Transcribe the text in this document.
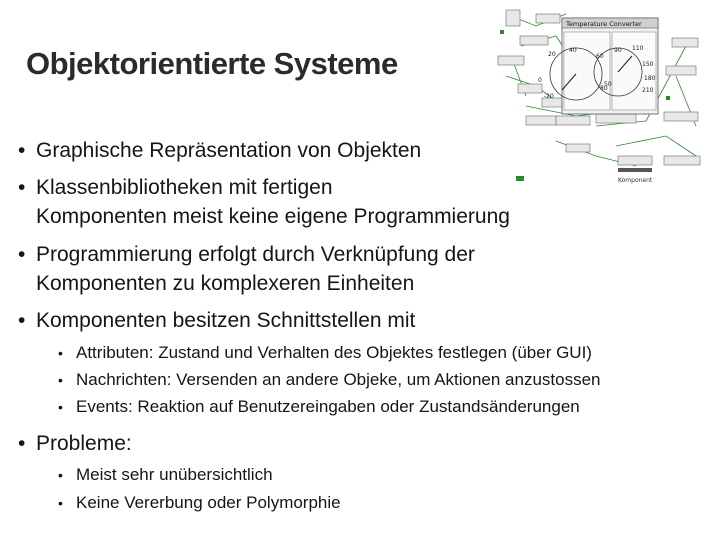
Objektorientierte Systeme
Temperature Converter
20
40
60
0
80
-20
90 110
150
180
210
50
Komponent
• Graphische Repräsentation von Objekten
• Klassenbibliotheken mit fertigen
Komponenten meist keine eigene Programmierung
• Programmierung erfolgt durch Verknüpfung der
Komponenten zu komplexeren Einheiten
• Komponenten besitzen Schnittstellen mit
• Attributen: Zustand und Verhalten des Objektes festlegen (über GUI)
• Nachrichten: Versenden an andere Objeke, um Aktionen anzustossen
• Events: Reaktion auf Benutzereingaben oder Zustandsänderungen
• Probleme:
• Meist sehr unübersichtlich
• Keine Vererbung oder Polymorphie
